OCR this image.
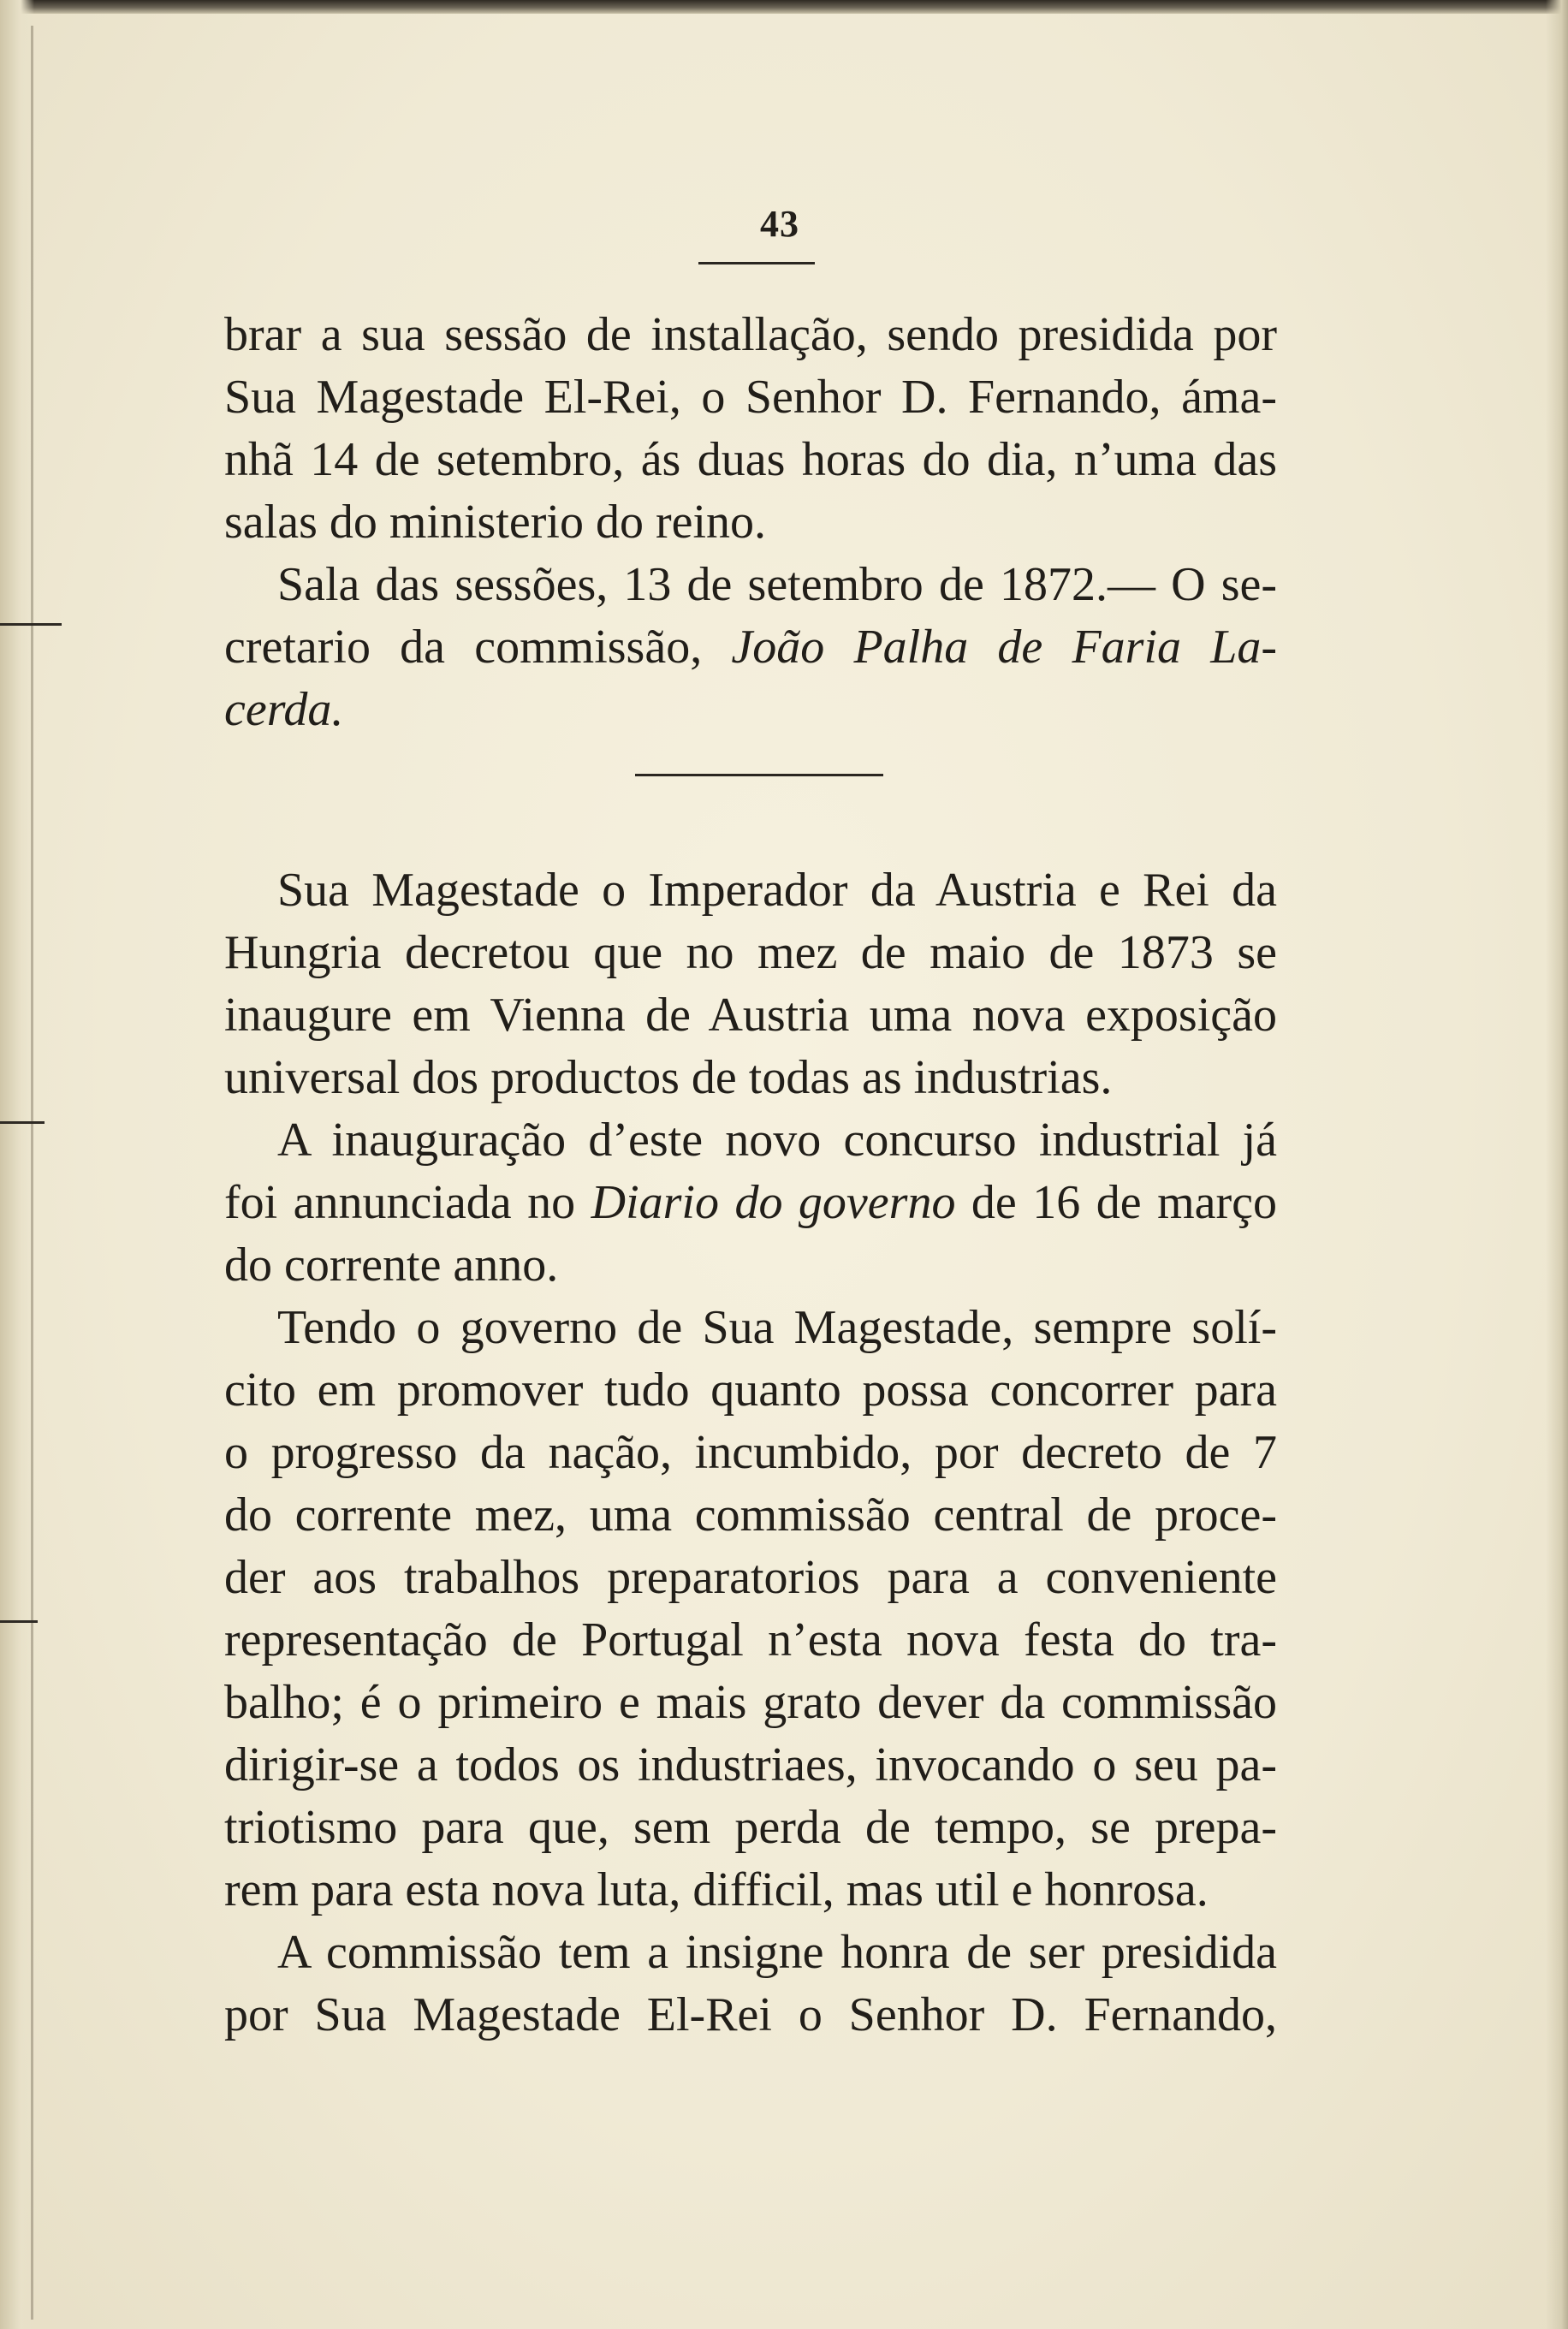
43
brar a sua sessão de installação, sendo presidida por
Sua Magestade El-Rei, o Senhor D. Fernando, áma-
nhã 14 de setembro, ás duas horas do dia, n’uma das
salas do ministerio do reino.
Sala das sessões, 13 de setembro de 1872.— O se-
cretario da commissão, João Palha de Faria La-
cerda.
Sua Magestade o Imperador da Austria e Rei da
Hungria decretou que no mez de maio de 1873 se
inaugure em Vienna de Austria uma nova exposição
universal dos productos de todas as industrias.
A inauguração d’este novo concurso industrial já
foi annunciada no Diario do governo de 16 de março
do corrente anno.
Tendo o governo de Sua Magestade, sempre solí-
cito em promover tudo quanto possa concorrer para
o progresso da nação, incumbido, por decreto de 7
do corrente mez, uma commissão central de proce-
der aos trabalhos preparatorios para a conveniente
representação de Portugal n’esta nova festa do tra-
balho; é o primeiro e mais grato dever da commissão
dirigir-se a todos os industriaes, invocando o seu pa-
triotismo para que, sem perda de tempo, se prepa-
rem para esta nova luta, difficil, mas util e honrosa.
A commissão tem a insigne honra de ser presidida
por Sua Magestade El-Rei o Senhor D. Fernando,
